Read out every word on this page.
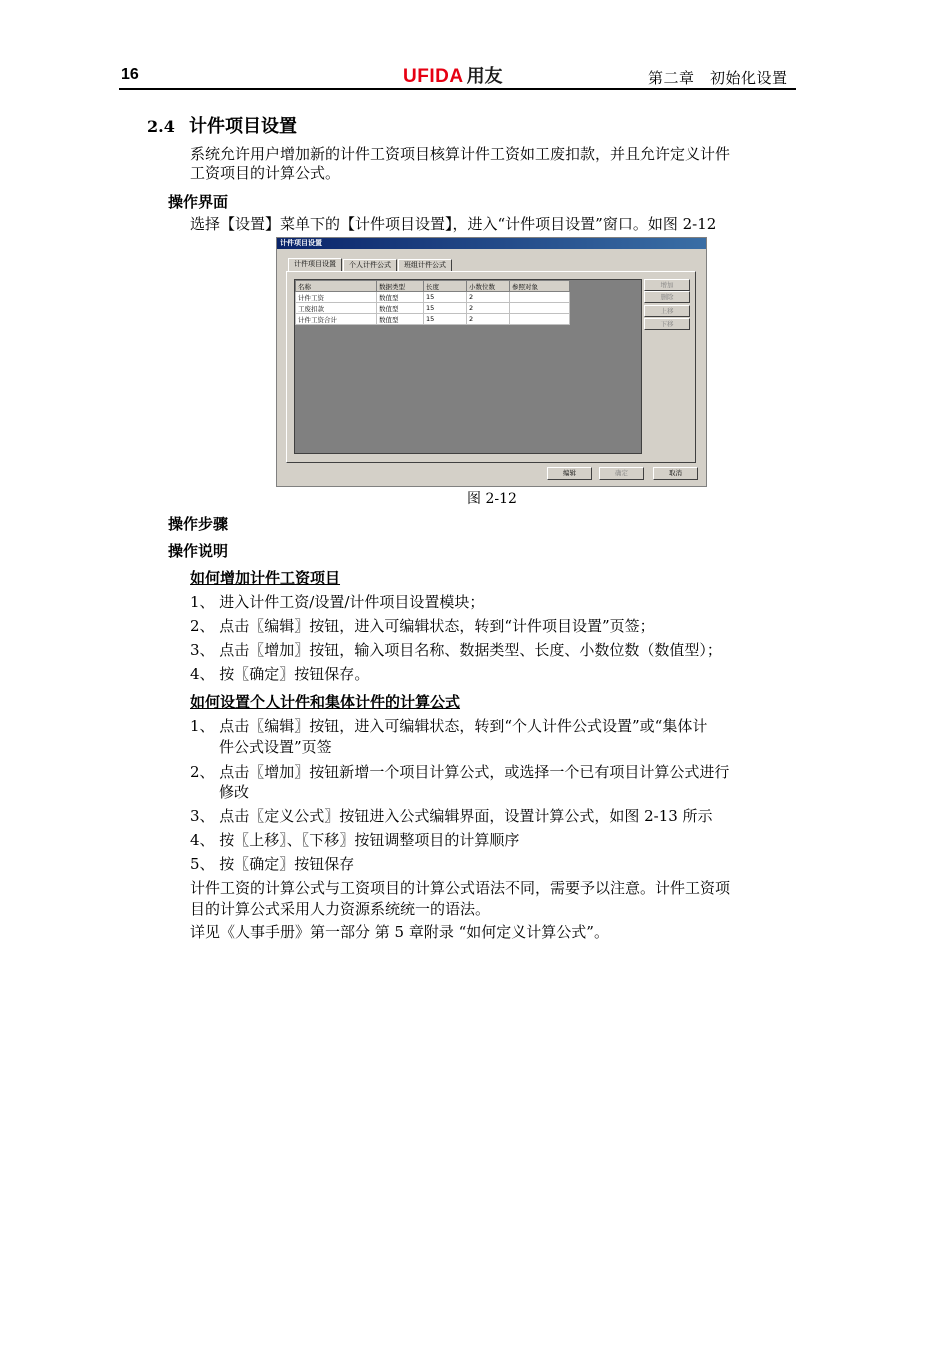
16	UFIDA 用友	第二章　初始化设置
2.4 计件项目设置
系统允许用户增加新的计件工资项目核算计件工资如工废扣款，并且允许定义计件
工资项目的计算公式。
操作界面
选择【设置】菜单下的【计件项目设置】，进入“计件项目设置”窗口。如图 2-12
计件项目设置
计件项目设置	个人计件公式	班组计件公式
名称	数据类型	长度	小数位数	参照对象
计件工资	数值型	15	2	
工废扣款	数值型	15	2	
计件工资合计	数值型	15	2	
增加
删除
上移
下移
编辑	确定	取消
图 2-12
操作步骤
操作说明
如何增加计件工资项目
1、 进入计件工资/设置/计件项目设置模块；
2、 点击〖编辑〗按钮，进入可编辑状态，转到“计件项目设置”页签；
3、 点击〖增加〗按钮，输入项目名称、数据类型、长度、小数位数（数值型）；
4、 按〖确定〗按钮保存。
如何设置个人计件和集体计件的计算公式
1、 点击〖编辑〗按钮，进入可编辑状态，转到“个人计件公式设置”或“集体计
件公式设置”页签
2、 点击〖增加〗按钮新增一个项目计算公式，或选择一个已有项目计算公式进行
修改
3、 点击〖定义公式〗按钮进入公式编辑界面，设置计算公式，如图 2-13 所示
4、 按〖上移〗、〖下移〗按钮调整项目的计算顺序
5、 按〖确定〗按钮保存
计件工资的计算公式与工资项目的计算公式语法不同，需要予以注意。计件工资项
目的计算公式采用人力资源系统统一的语法。
详见《人事手册》第一部分 第 5 章附录 “如何定义计算公式”。
